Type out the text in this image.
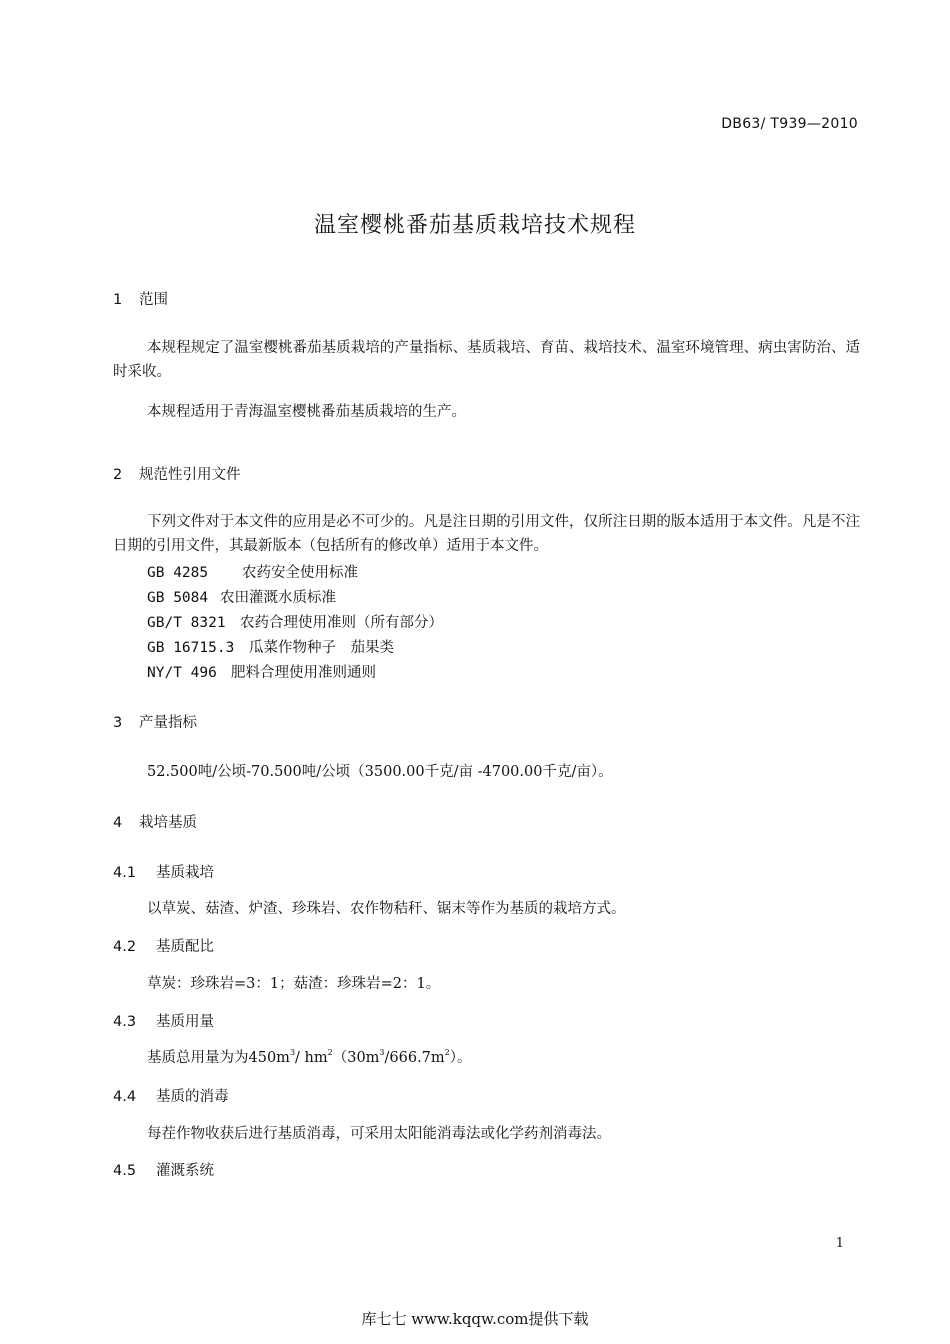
DB63/ T939—2010
温室樱桃番茄基质栽培技术规程
1 范围
本规程规定了温室樱桃番茄基质栽培的产量指标、基质栽培、育苗、栽培技术、温室环境管理、病虫害防治、适时采收。
本规程适用于青海温室樱桃番茄基质栽培的生产。
2 规范性引用文件
下列文件对于本文件的应用是必不可少的。凡是注日期的引用文件，仅所注日期的版本适用于本文件。凡是不注日期的引用文件，其最新版本（包括所有的修改单）适用于本文件。
GB 4285 农药安全使用标准
GB 5084 农田灌溉水质标准
GB/T 8321 农药合理使用准则（所有部分）
GB 16715.3 瓜菜作物种子　茄果类
NY/T 496 肥料合理使用准则通则
3 产量指标
52.500吨/公顷-70.500吨/公顷（3500.00千克/亩 -4700.00千克/亩）。
4 栽培基质
4.1 基质栽培
以草炭、菇渣、炉渣、珍珠岩、农作物秸秆、锯末等作为基质的栽培方式。
4.2 基质配比
草炭：珍珠岩=3：1；菇渣：珍珠岩=2：1。
4.3 基质用量
基质总用量为为$450m^3/$ $hm^2(30m^3/666.7m^2)$。
4.4 基质的消毒
每茬作物收获后进行基质消毒，可采用太阳能消毒法或化学药剂消毒法。
4.5 灌溉系统
1
库七七 www.kqqw.com提供下载
